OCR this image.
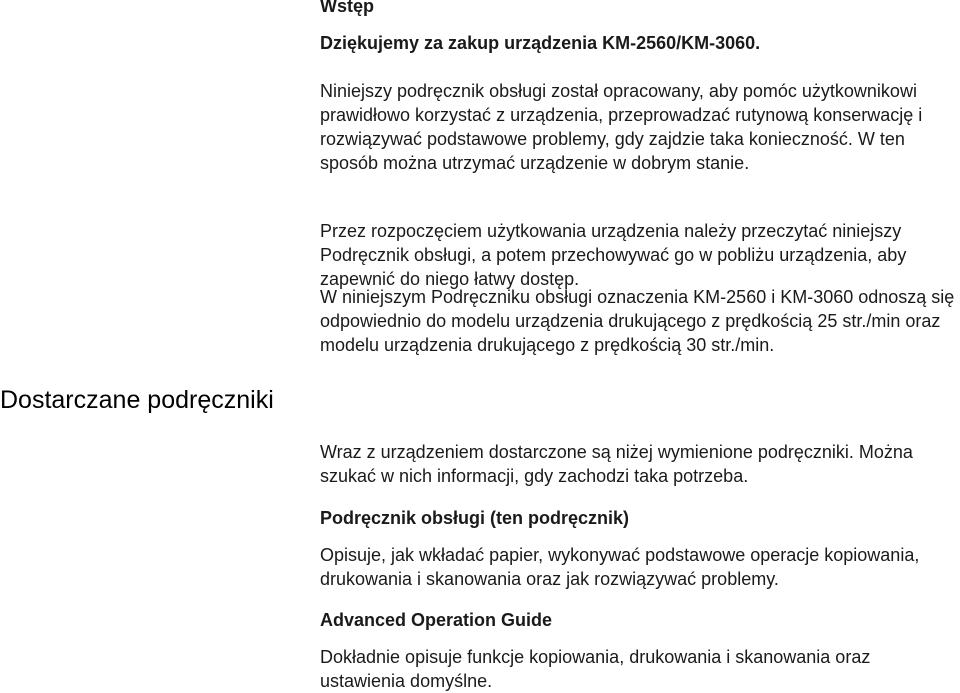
Wstęp

Dziękujemy za zakup urządzenia KM-2560/KM-3060.

Niniejszy podręcznik obsługi został opracowany, aby pomóc użytkownikowi prawidłowo korzystać z urządzenia, przeprowadzać rutynową konserwację i rozwiązywać podstawowe problemy, gdy zajdzie taka konieczność. W ten sposób można utrzymać urządzenie w dobrym stanie.

Przez rozpoczęciem użytkowania urządzenia należy przeczytać niniejszy Podręcznik obsługi, a potem przechowywać go w pobliżu urządzenia, aby zapewnić do niego łatwy dostęp.

W niniejszym Podręczniku obsługi oznaczenia KM-2560 i KM-3060 odnoszą się odpowiednio do modelu urządzenia drukującego z prędkością 25 str./min oraz modelu urządzenia drukującego z prędkością 30 str./min.

Dostarczane podręczniki

Wraz z urządzeniem dostarczone są niżej wymienione podręczniki. Można szukać w nich informacji, gdy zachodzi taka potrzeba.

Podręcznik obsługi (ten podręcznik)

Opisuje, jak wkładać papier, wykonywać podstawowe operacje kopiowania, drukowania i skanowania oraz jak rozwiązywać problemy.

Advanced Operation Guide

Dokładnie opisuje funkcje kopiowania, drukowania i skanowania oraz ustawienia domyślne.
